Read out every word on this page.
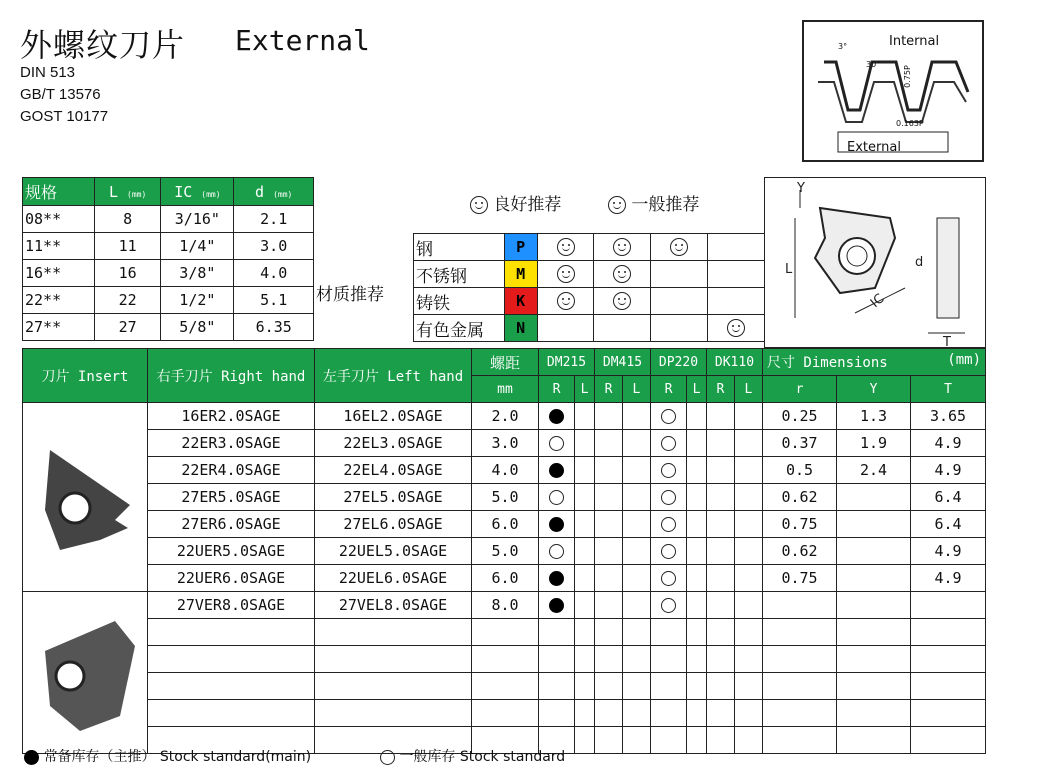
外螺纹刀片 External
DIN 513
GB/T 13576
GOST 10177
Internal
External
3°
30°
0.75P
0.163P
良好推荐	一般推荐
规格	L (mm)	IC (mm)	d (mm)
08**	8	3/16"	2.1
11**	11	1/4"	3.0
16**	16	3/8"	4.0
22**	22	1/2"	5.1
27**	27	5/8"	6.35
材质推荐
钢	P				
不锈钢	M				
铸铁	K				
有色金属	N				
Y
L
IC
d
T
刀片 Insert	右手刀片 Right hand	左手刀片 Left hand	螺距	DM215		DM415		DP220		DK110		尺寸 Dimensions (mm)		

			mm	R	L	R	L	R	L	R	L	r	Y	T
	16ER2.0SAGE	16EL2.0SAGE	2.0									0.25	1.3	3.65
	22ER3.0SAGE	22EL3.0SAGE	3.0									0.37	1.9	4.9
	22ER4.0SAGE	22EL4.0SAGE	4.0									0.5	2.4	4.9
	27ER5.0SAGE	27EL5.0SAGE	5.0									0.62		6.4
	27ER6.0SAGE	27EL6.0SAGE	6.0									0.75		6.4
	22UER5.0SAGE	22UEL5.0SAGE	5.0									0.62		4.9
	22UER6.0SAGE	22UEL6.0SAGE	6.0									0.75		4.9
	27VER8.0SAGE	27VEL8.0SAGE	8.0											

常备库存（主推） Stock standard(main)	一般库存 Stock standard
